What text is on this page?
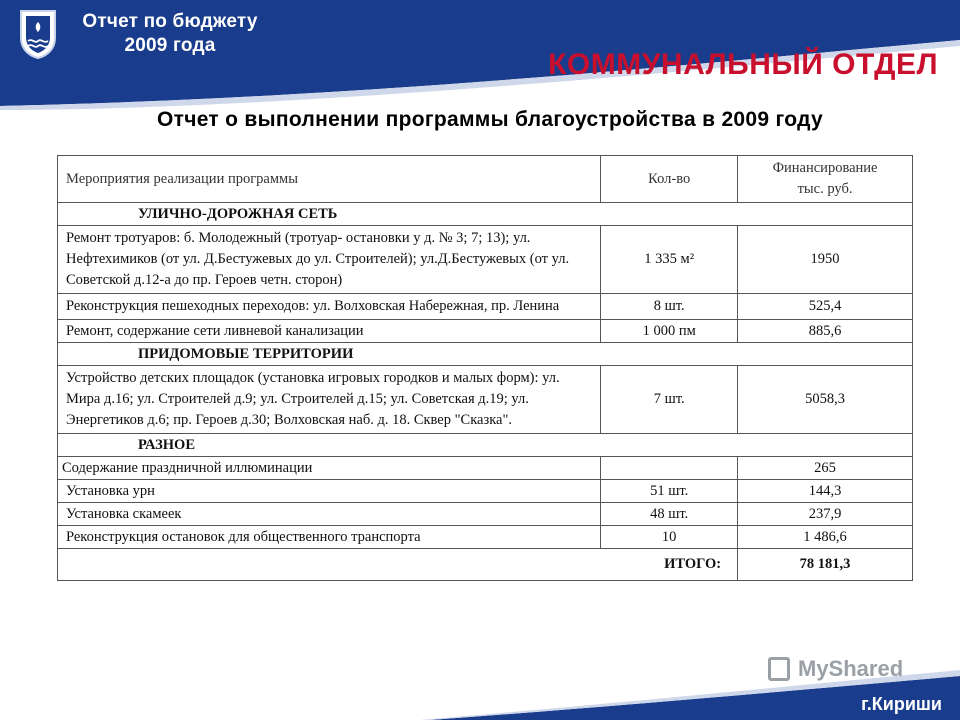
Отчет по бюджету
2009 года
КОММУНАЛЬНЫЙ ОТДЕЛ
Отчет о выполнении программы благоустройства в 2009 году
Мероприятия реализации программы	Кол-во	Финансирование
тыс. руб.

УЛИЧНО-ДОРОЖНАЯ СЕТЬ		
Ремонт тротуаров: б. Молодежный (тротуар- остановки у д. № 3; 7; 13); ул. Нефтехимиков (от ул. Д.Бестужевых до ул. Строителей); ул.Д.Бестужевых (от ул. Советской д.12-а до пр. Героев четн. сторон)	1 335 м²	1950
Реконструкция пешеходных переходов: ул. Волховская Набережная, пр. Ленина	8 шт.	525,4
Ремонт, содержание сети ливневой канализации	1 000 пм	885,6
ПРИДОМОВЫЕ ТЕРРИТОРИИ		
Устройство детских площадок (установка игровых городков и малых форм): ул. Мира д.16; ул. Строителей д.9; ул. Строителей д.15; ул. Советская д.19; ул. Энергетиков д.6; пр. Героев д.30; Волховская наб. д. 18. Сквер "Сказка".	7 шт.	5058,3
РАЗНОЕ		
Содержание праздничной иллюминации		265
Установка урн	51 шт.	144,3
Установка скамеек	48 шт.	237,9
Реконструкция остановок для общественного транспорта	10	1 486,6
ИТОГО:		78 181,3
MyShared
г.Кириши
